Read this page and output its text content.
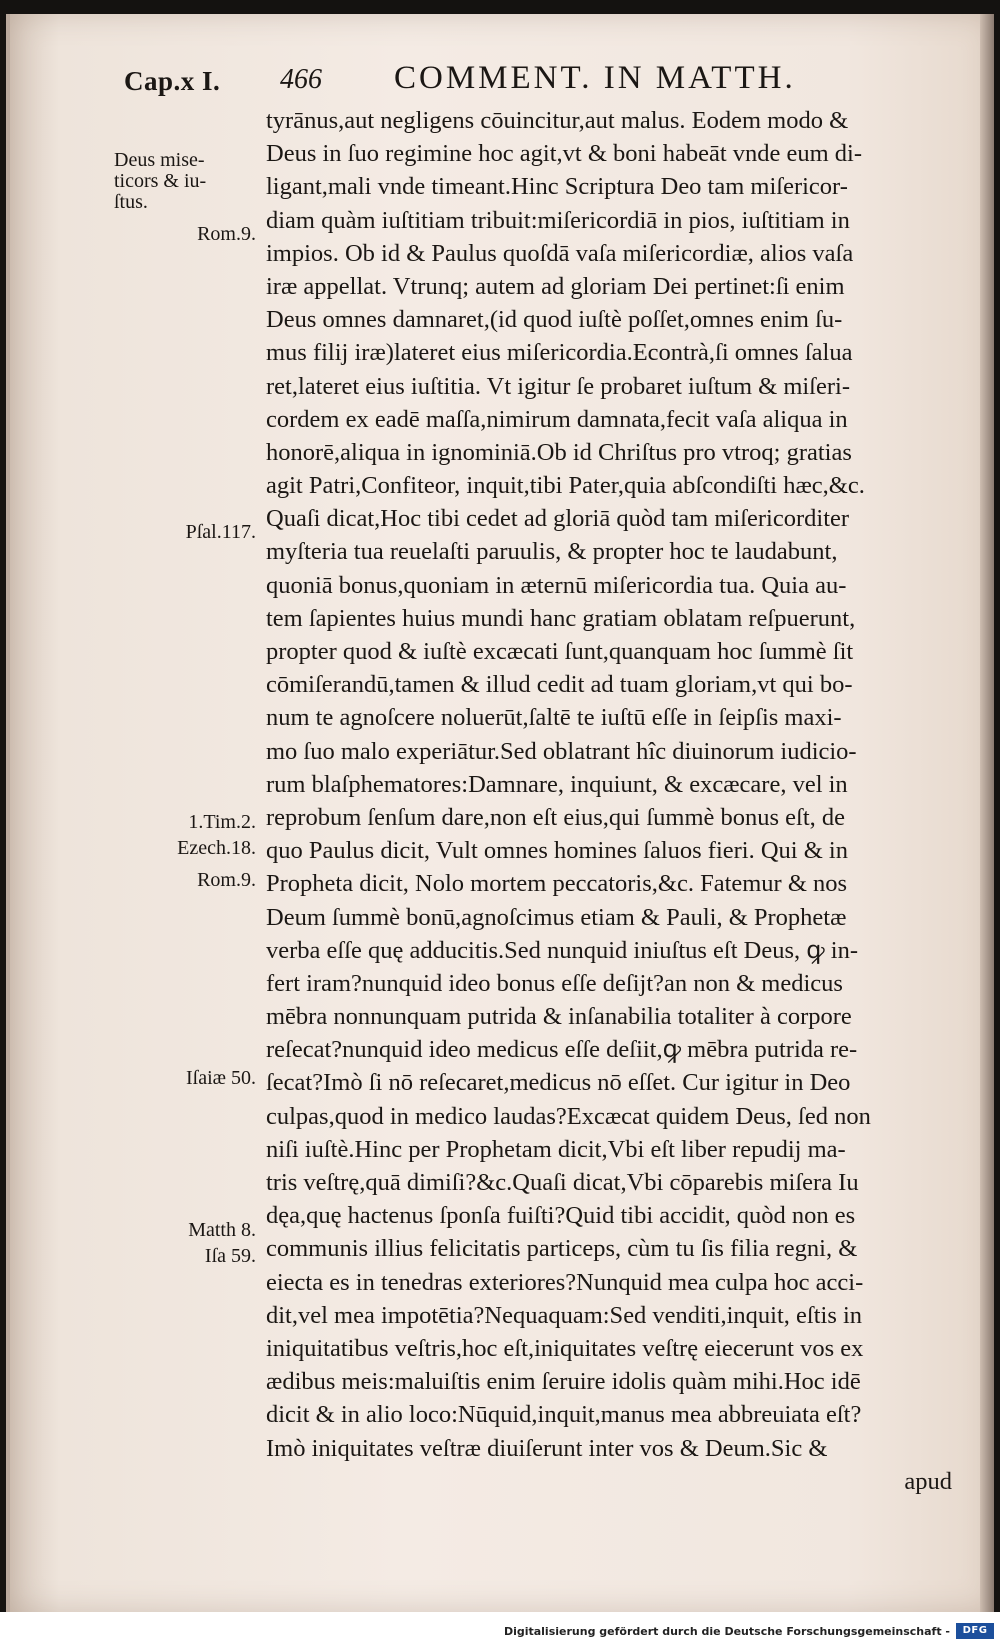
Cap.x I. 466 COMMENT. IN MATTH.
Deus mise-
ticors & iu-
ſtus.
Rom.9.
Pſal.117.
1.Tim.2.
Ezech.18.
Rom.9.
Iſaiæ 50.
Matth 8.
Iſa 59.
tyrānus,aut negligens cōuincitur,aut malus. Eodem modo &
Deus in ſuo regimine hoc agit,vt & boni habeāt vnde eum di-
ligant,mali vnde timeant.Hinc Scriptura Deo tam miſericor-
diam quàm iuſtitiam tribuit:miſericordiā in pios, iuſtitiam in
impios. Ob id & Paulus quoſdā vaſa miſericordiæ, alios vaſa
iræ appellat. Vtrunq; autem ad gloriam Dei pertinet:ſi enim
Deus omnes damnaret,(id quod iuſtè poſſet,omnes enim ſu-
mus filij iræ)lateret eius miſericordia.Econtrà,ſi omnes ſalua
ret,lateret eius iuſtitia. Vt igitur ſe probaret iuſtum & miſeri-
cordem ex eadē maſſa,nimirum damnata,fecit vaſa aliqua in
honorē,aliqua in ignominiā.Ob id Chriſtus pro vtroq; gratias
agit Patri,Confiteor, inquit,tibi Pater,quia abſcondiſti hæc,&c.
Quaſi dicat,Hoc tibi cedet ad gloriā quòd tam miſericorditer
myſteria tua reuelaſti paruulis, & propter hoc te laudabunt,
quoniā bonus,quoniam in æternū miſericordia tua. Quia au-
tem ſapientes huius mundi hanc gratiam oblatam reſpuerunt,
propter quod & iuſtè excæcati ſunt,quanquam hoc ſummè ſit
cōmiſerandū,tamen & illud cedit ad tuam gloriam,vt qui bo-
num te agnoſcere noluerūt,ſaltē te iuſtū eſſe in ſeipſis maxi-
mo ſuo malo experiātur.Sed oblatrant hîc diuinorum iudicio-
rum blaſphematores:Damnare, inquiunt, & excæcare, vel in
reprobum ſenſum dare,non eſt eius,qui ſummè bonus eſt, de
quo Paulus dicit, Vult omnes homines ſaluos fieri. Qui & in
Propheta dicit, Nolo mortem peccatoris,&c. Fatemur & nos
Deum ſummè bonū,agnoſcimus etiam & Pauli, & Prophetæ
verba eſſe quę adducitis.Sed nunquid iniuſtus eſt Deus, ꝙ in-
fert iram?nunquid ideo bonus eſſe deſijt?an non & medicus
mēbra nonnunquam putrida & inſanabilia totaliter à corpore
reſecat?nunquid ideo medicus eſſe deſiit,ꝙ mēbra putrida re-
ſecat?Imò ſi nō reſecaret,medicus nō eſſet. Cur igitur in Deo
culpas,quod in medico laudas?Excæcat quidem Deus, ſed non
niſi iuſtè.Hinc per Prophetam dicit,Vbi eſt liber repudij ma-
tris veſtrę,quā dimiſi?&c.Quaſi dicat,Vbi cōparebis miſera Iu
dęa,quę hactenus ſponſa fuiſti?Quid tibi accidit, quòd non es
communis illius felicitatis particeps, cùm tu ſis filia regni, &
eiecta es in tenedras exteriores?Nunquid mea culpa hoc acci-
dit,vel mea impotētia?Nequaquam:Sed venditi,inquit, eſtis in
iniquitatibus veſtris,hoc eſt,iniquitates veſtrę eiecerunt vos ex
ædibus meis:maluiſtis enim ſeruire idolis quàm mihi.Hoc idē
dicit & in alio loco:Nūquid,inquit,manus mea abbreuiata eſt?
Imò iniquitates veſtræ diuiſerunt inter vos & Deum.Sic &
apud
Digitalisierung gefördert durch die Deutsche Forschungsgemeinschaft -	DFG
